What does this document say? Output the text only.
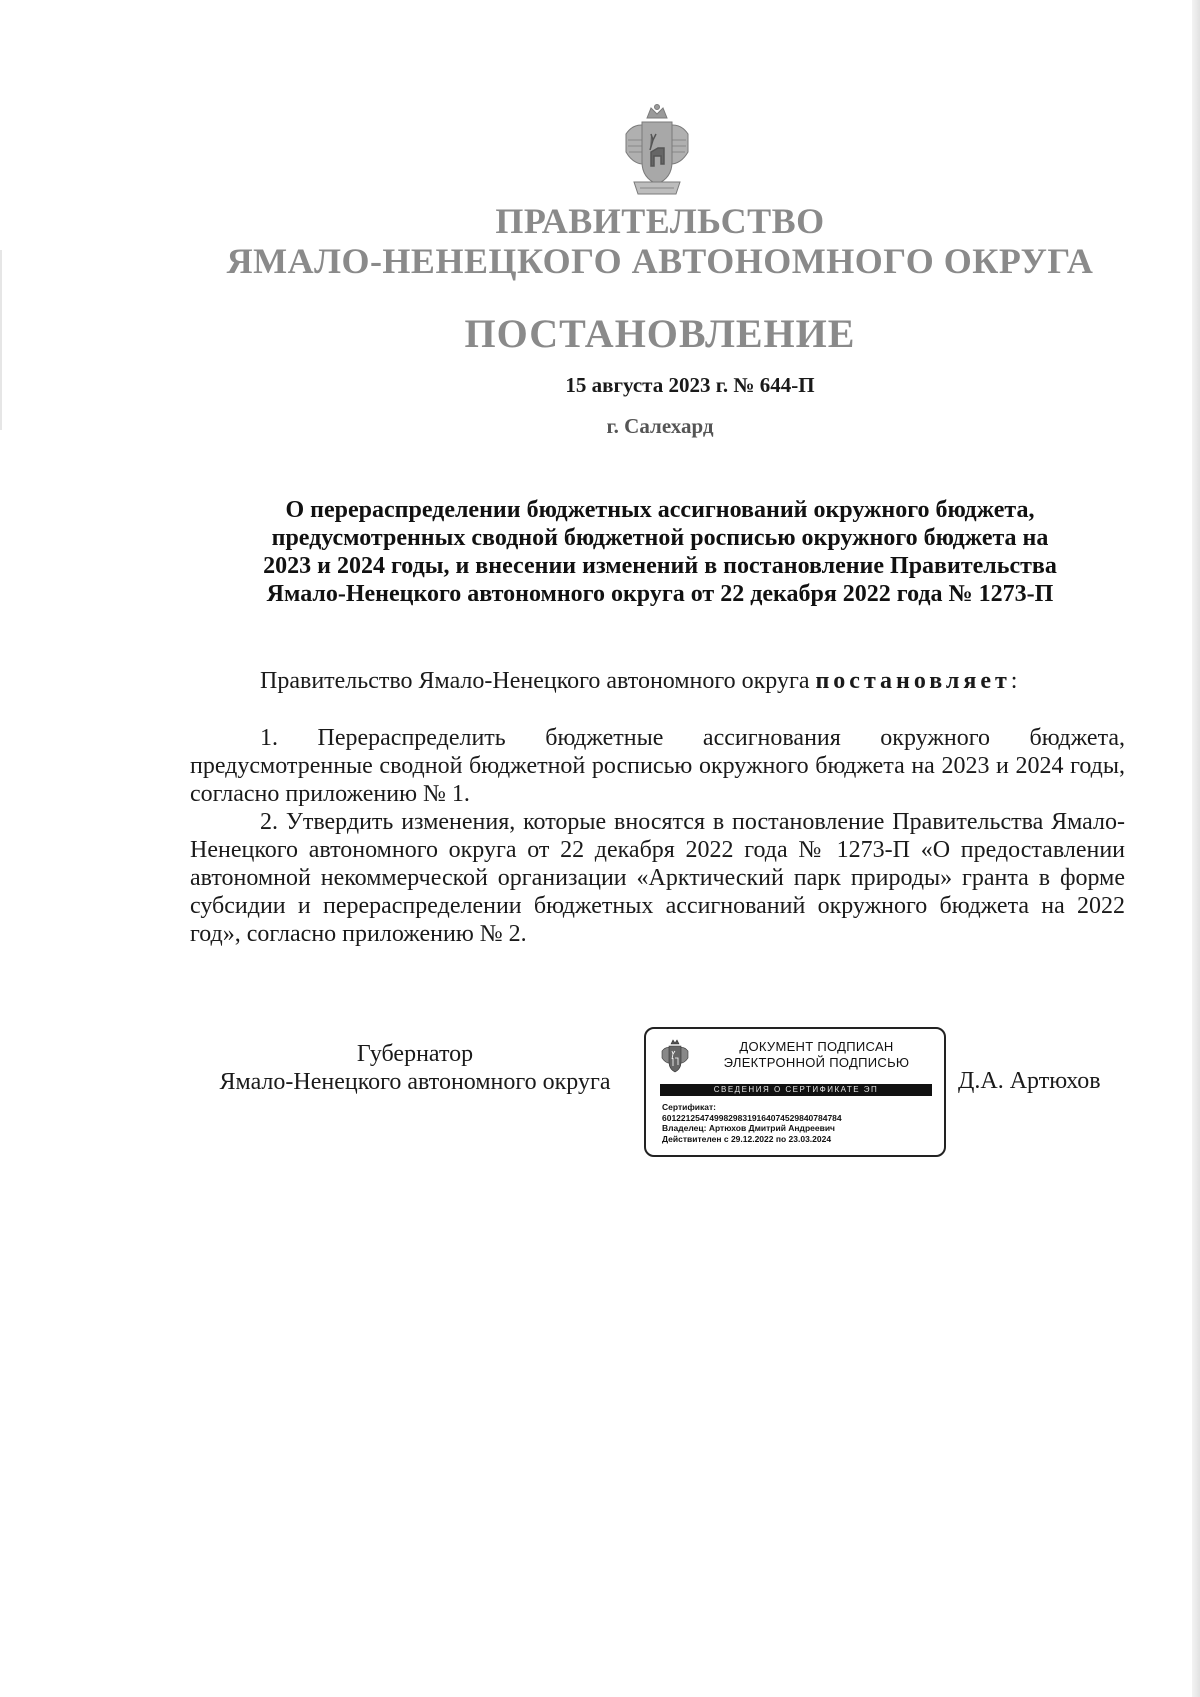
ПРАВИТЕЛЬСТВО
ЯМАЛО-НЕНЕЦКОГО АВТОНОМНОГО ОКРУГА
ПОСТАНОВЛЕНИЕ
15 августа 2023 г. № 644-П
г. Салехард
О перераспределении бюджетных ассигнований окружного бюджета,
предусмотренных сводной бюджетной росписью окружного бюджета на
2023 и 2024 годы, и внесении изменений в постановление Правительства
Ямало-Ненецкого автономного округа от 22 декабря 2022 года № 1273-П
Правительство Ямало-Ненецкого автономного округа постановляет:

1. Перераспределить бюджетные ассигнования окружного бюджета, предусмотренные сводной бюджетной росписью окружного бюджета на 2023 и 2024 годы, согласно приложению № 1.

2. Утвердить изменения, которые вносятся в постановление Правительства Ямало-Ненецкого автономного округа от 22 декабря 2022 года № 1273-П «О предоставлении автономной некоммерческой организации «Арктический парк природы» гранта в форме субсидии и перераспределении бюджетных ассигнований окружного бюджета на 2022 год», согласно приложению № 2.

Губернатор
Ямало-Ненецкого автономного округа
ДОКУМЕНТ ПОДПИСАН
ЭЛЕКТРОННОЙ ПОДПИСЬЮ
СВЕДЕНИЯ О СЕРТИФИКАТЕ ЭП
Сертификат:
60122125474998298319164074529840784784
Владелец: Артюхов Дмитрий Андреевич
Действителен с 29.12.2022 по 23.03.2024
Д.А. Артюхов
